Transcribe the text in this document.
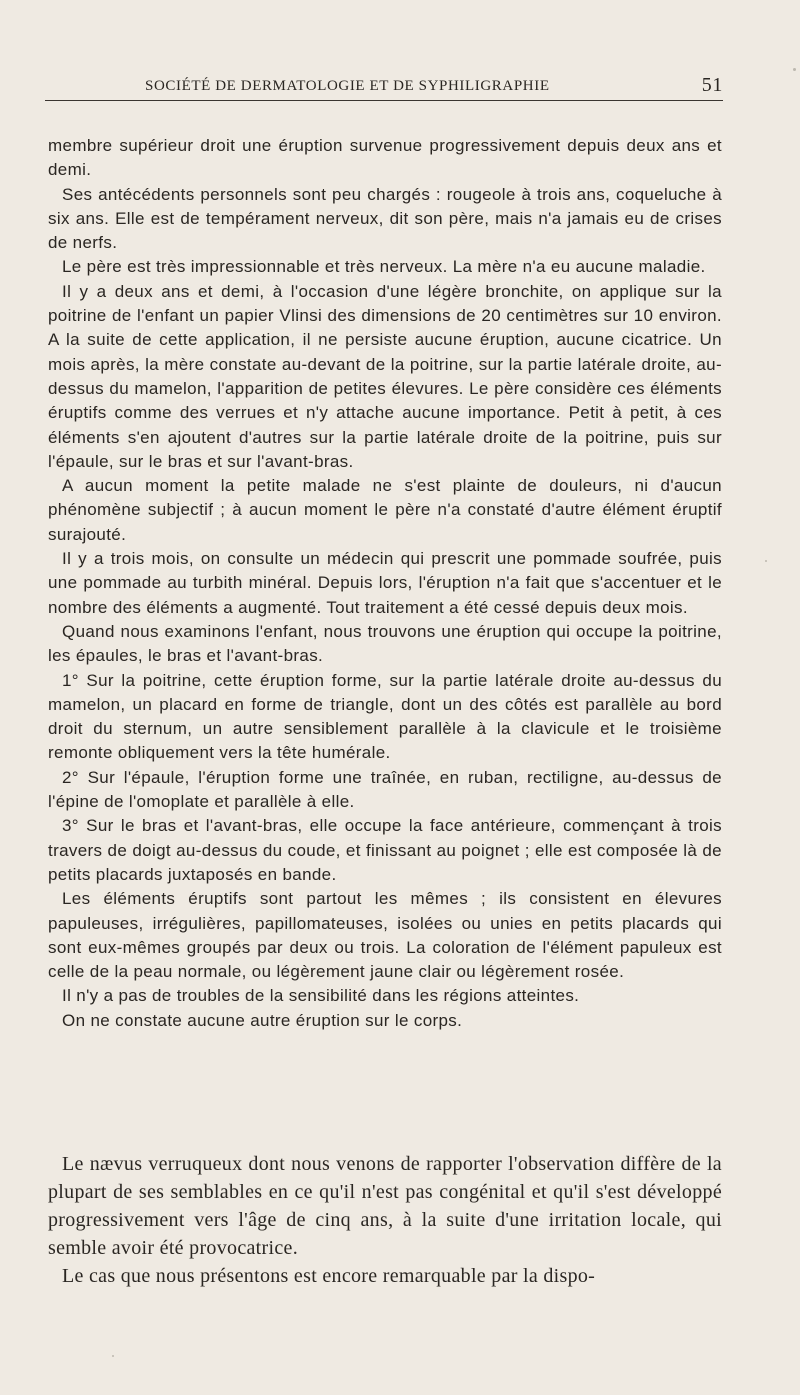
SOCIÉTÉ DE DERMATOLOGIE ET DE SYPHILIGRAPHIE	51

membre supérieur droit une éruption survenue progressivement depuis deux ans et demi.

Ses antécédents personnels sont peu chargés : rougeole à trois ans, coqueluche à six ans. Elle est de tempérament nerveux, dit son père, mais n'a jamais eu de crises de nerfs.

Le père est très impressionnable et très nerveux. La mère n'a eu aucune maladie.

Il y a deux ans et demi, à l'occasion d'une légère bronchite, on applique sur la poitrine de l'enfant un papier Vlinsi des dimensions de 20 centimètres sur 10 environ. A la suite de cette application, il ne persiste aucune éruption, aucune cicatrice. Un mois après, la mère constate au-devant de la poitrine, sur la partie latérale droite, au-dessus du mamelon, l'apparition de petites élevures. Le père considère ces éléments éruptifs comme des verrues et n'y attache aucune importance. Petit à petit, à ces éléments s'en ajoutent d'autres sur la partie latérale droite de la poitrine, puis sur l'épaule, sur le bras et sur l'avant-bras.

A aucun moment la petite malade ne s'est plainte de douleurs, ni d'aucun phénomène subjectif ; à aucun moment le père n'a constaté d'autre élément éruptif surajouté.

Il y a trois mois, on consulte un médecin qui prescrit une pommade soufrée, puis une pommade au turbith minéral. Depuis lors, l'éruption n'a fait que s'accentuer et le nombre des éléments a augmenté. Tout traitement a été cessé depuis deux mois.

Quand nous examinons l'enfant, nous trouvons une éruption qui occupe la poitrine, les épaules, le bras et l'avant-bras.

1° Sur la poitrine, cette éruption forme, sur la partie latérale droite au-dessus du mamelon, un placard en forme de triangle, dont un des côtés est parallèle au bord droit du sternum, un autre sensiblement parallèle à la clavicule et le troisième remonte obliquement vers la tête humérale.

2° Sur l'épaule, l'éruption forme une traînée, en ruban, rectiligne, au-dessus de l'épine de l'omoplate et parallèle à elle.

3° Sur le bras et l'avant-bras, elle occupe la face antérieure, commençant à trois travers de doigt au-dessus du coude, et finissant au poignet ; elle est composée là de petits placards juxtaposés en bande.

Les éléments éruptifs sont partout les mêmes ; ils consistent en élevures papuleuses, irrégulières, papillomateuses, isolées ou unies en petits placards qui sont eux-mêmes groupés par deux ou trois. La coloration de l'élément papuleux est celle de la peau normale, ou légèrement jaune clair ou légèrement rosée.

Il n'y a pas de troubles de la sensibilité dans les régions atteintes.

On ne constate aucune autre éruption sur le corps.

Le nævus verruqueux dont nous venons de rapporter l'observation diffère de la plupart de ses semblables en ce qu'il n'est pas congénital et qu'il s'est développé progressivement vers l'âge de cinq ans, à la suite d'une irritation locale, qui semble avoir été provocatrice.

Le cas que nous présentons est encore remarquable par la dispo-
